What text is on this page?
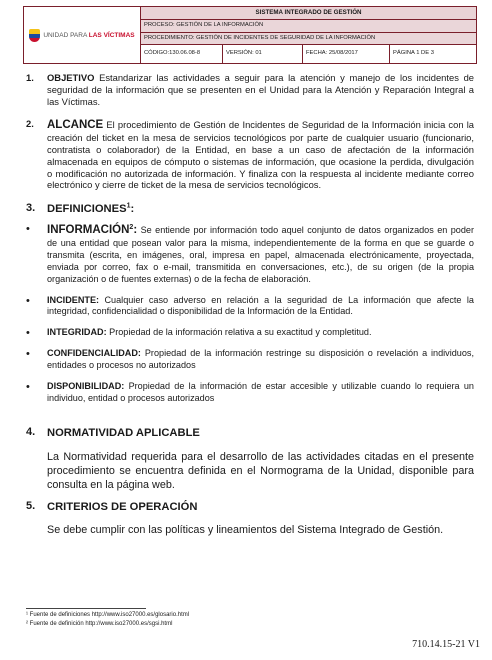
UNIDAD PARA LAS VÍCTIMAS
SISTEMA INTEGRADO DE GESTIÓN
PROCESO: GESTIÓN DE LA INFORMACIÓN
PROCEDIMIENTO: GESTIÓN DE INCIDENTES DE SEGURIDAD DE LA INFORMACIÓN
CÓDIGO:130.06.08-8	VERSIÓN: 01	FECHA: 25/08/2017	PÁGINA 1 DE 3
1.	OBJETIVO Estandarizar las actividades a seguir para la atención y manejo de los incidentes de seguridad de la información que se presenten en el Unidad para la Atención y Reparación Integral a las Víctimas.
2.	ALCANCE El procedimiento de Gestión de Incidentes de Seguridad de la Información inicia con la creación del ticket en la mesa de servicios tecnológicos por parte de cualquier usuario (funcionario, contratista o colaborador) de la Entidad, en base a un caso de afectación de la información almacenada en equipos de cómputo o sistemas de información, que ocasione la perdida, divulgación o modificación no autorizada de información. Y finaliza con la respuesta al incidente mediante correo electrónico y cierre de ticket de la mesa de servicios tecnológicos.
3.	DEFINICIONES$^1$:
•	INFORMACIÓN$^2$: Se entiende por información todo aquel conjunto de datos organizados en poder de una entidad que posean valor para la misma, independientemente de la forma en que se guarde o transmita (escrita, en imágenes, oral, impresa en papel, almacenada electrónicamente, proyectada, enviada por correo, fax o e-mail, transmitida en conversaciones, etc.), de su origen (de la propia organización o de fuentes externas) o de la fecha de elaboración.
•	INCIDENTE: Cualquier caso adverso en relación a la seguridad de La información que afecte la integridad, confidencialidad o disponibilidad de la Información de la Entidad.
•	INTEGRIDAD: Propiedad de la información relativa a su exactitud y completitud.
•	CONFIDENCIALIDAD: Propiedad de la información restringe su disposición o revelación a individuos, entidades o procesos no autorizados
•	DISPONIBILIDAD: Propiedad de la información de estar accesible y utilizable cuando lo requiera un individuo, entidad o procesos autorizados
4.	NORMATIVIDAD APLICABLE
La Normatividad requerida para el desarrollo de las actividades citadas en el presente procedimiento se encuentra definida en el Normograma de la Unidad, disponible para consulta en la página web.
5.	CRITERIOS DE OPERACIÓN
Se debe cumplir con las políticas y lineamientos del Sistema Integrado de Gestión.
¹ Fuente de definiciones http://www.iso27000.es/glosario.html
² Fuente de definición http://www.iso27000.es/sgsi.html
710.14.15-21 V1
